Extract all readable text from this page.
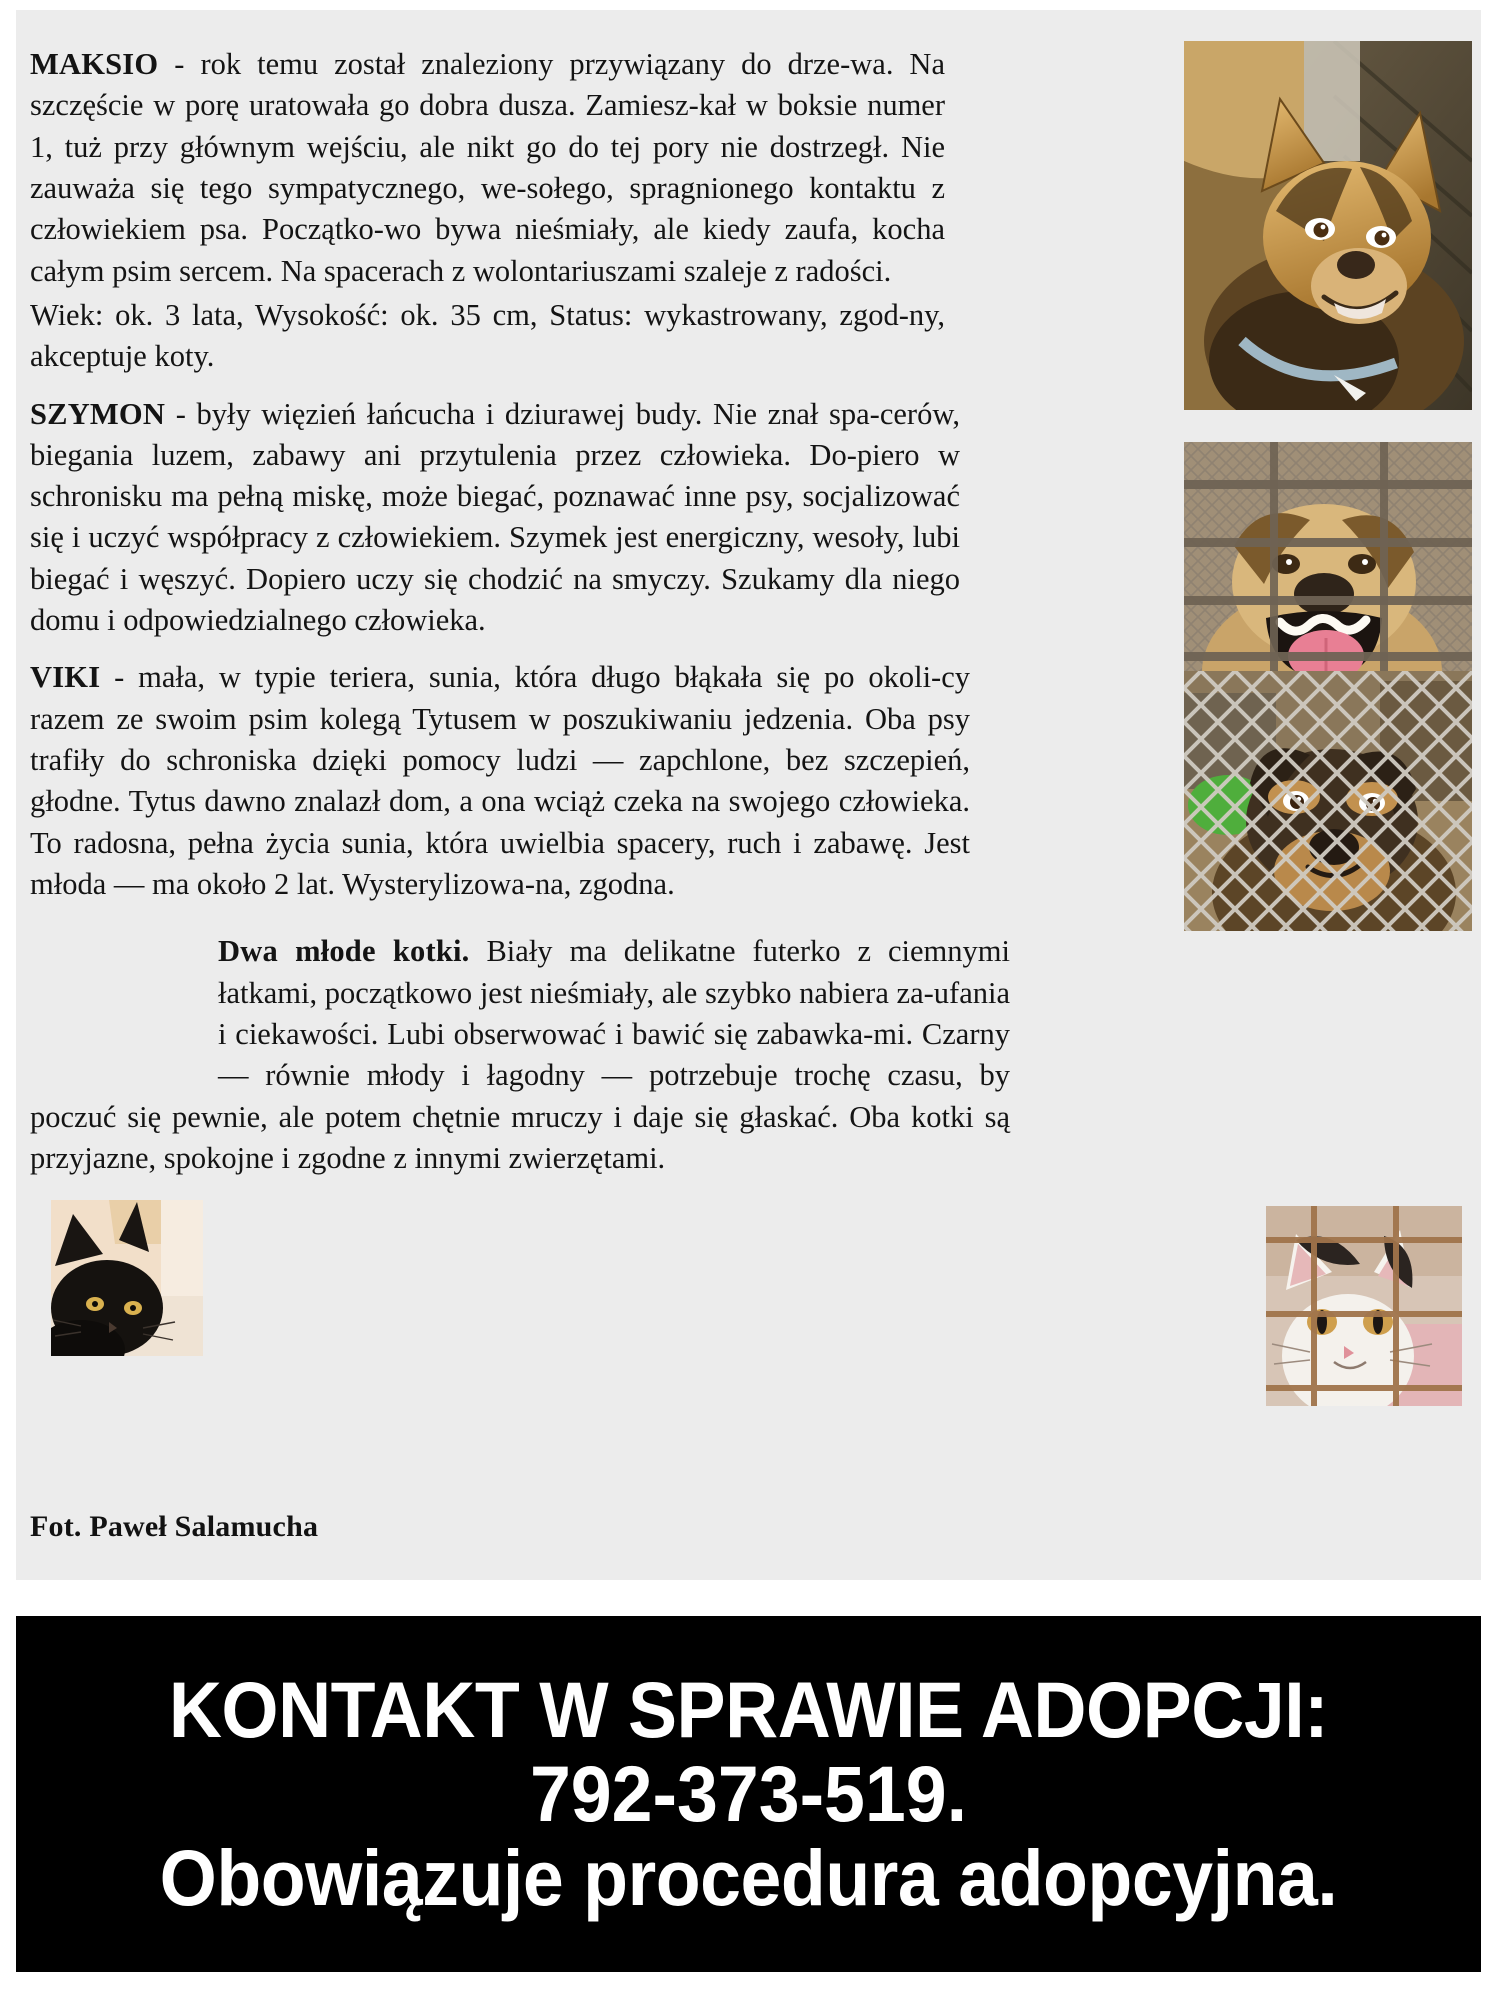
MAKSIO - rok temu został znaleziony przywiązany do drze-wa. Na szczęście w porę uratowała go dobra dusza. Zamiesz-kał w boksie numer 1, tuż przy głównym wejściu, ale nikt go do tej pory nie dostrzegł. Nie zauważa się tego sympatycznego, we-sołego, spragnionego kontaktu z człowiekiem psa. Początko-wo bywa nieśmiały, ale kiedy zaufa, kocha całym psim sercem. Na spacerach z wolontariuszami szaleje z radości.

Wiek: ok. 3 lata, Wysokość: ok. 35 cm, Status: wykastrowany, zgod-ny, akceptuje koty.

SZYMON - były więzień łańcucha i dziurawej budy. Nie znał spa-cerów, biegania luzem, zabawy ani przytulenia przez człowieka. Do-piero w schronisku ma pełną miskę, może biegać, poznawać inne psy, socjalizować się i uczyć współpracy z człowiekiem. Szymek jest energiczny, wesoły, lubi biegać i węszyć. Dopiero uczy się chodzić na smyczy. Szukamy dla niego domu i odpowiedzialnego człowieka.

VIKI - mała, w typie teriera, sunia, która długo błąkała się po okoli-cy razem ze swoim psim kolegą Tytusem w poszukiwaniu jedzenia. Oba psy trafiły do schroniska dzięki pomocy ludzi — zapchlone, bez szczepień, głodne. Tytus dawno znalazł dom, a ona wciąż czeka na swojego człowieka. To radosna, pełna życia sunia, która uwielbia spacery, ruch i zabawę. Jest młoda — ma około 2 lat. Wysterylizowa-na, zgodna.

Dwa młode kotki. Biały ma delikatne futerko z ciemnymi łatkami, początkowo jest nieśmiały, ale szybko nabiera za-ufania i ciekawości. Lubi obserwować i bawić się zabawka-mi. Czarny — równie młody i łagodny — potrzebuje trochę czasu, by poczuć się pewnie, ale potem chętnie mruczy i daje się głaskać. Oba kotki są przyjazne, spokojne i zgodne z innymi zwierzętami.

Fot. Paweł Salamucha
KONTAKT W SPRAWIE ADOPCJI:
792-373-519.
Obowiązuje procedura adopcyjna.
